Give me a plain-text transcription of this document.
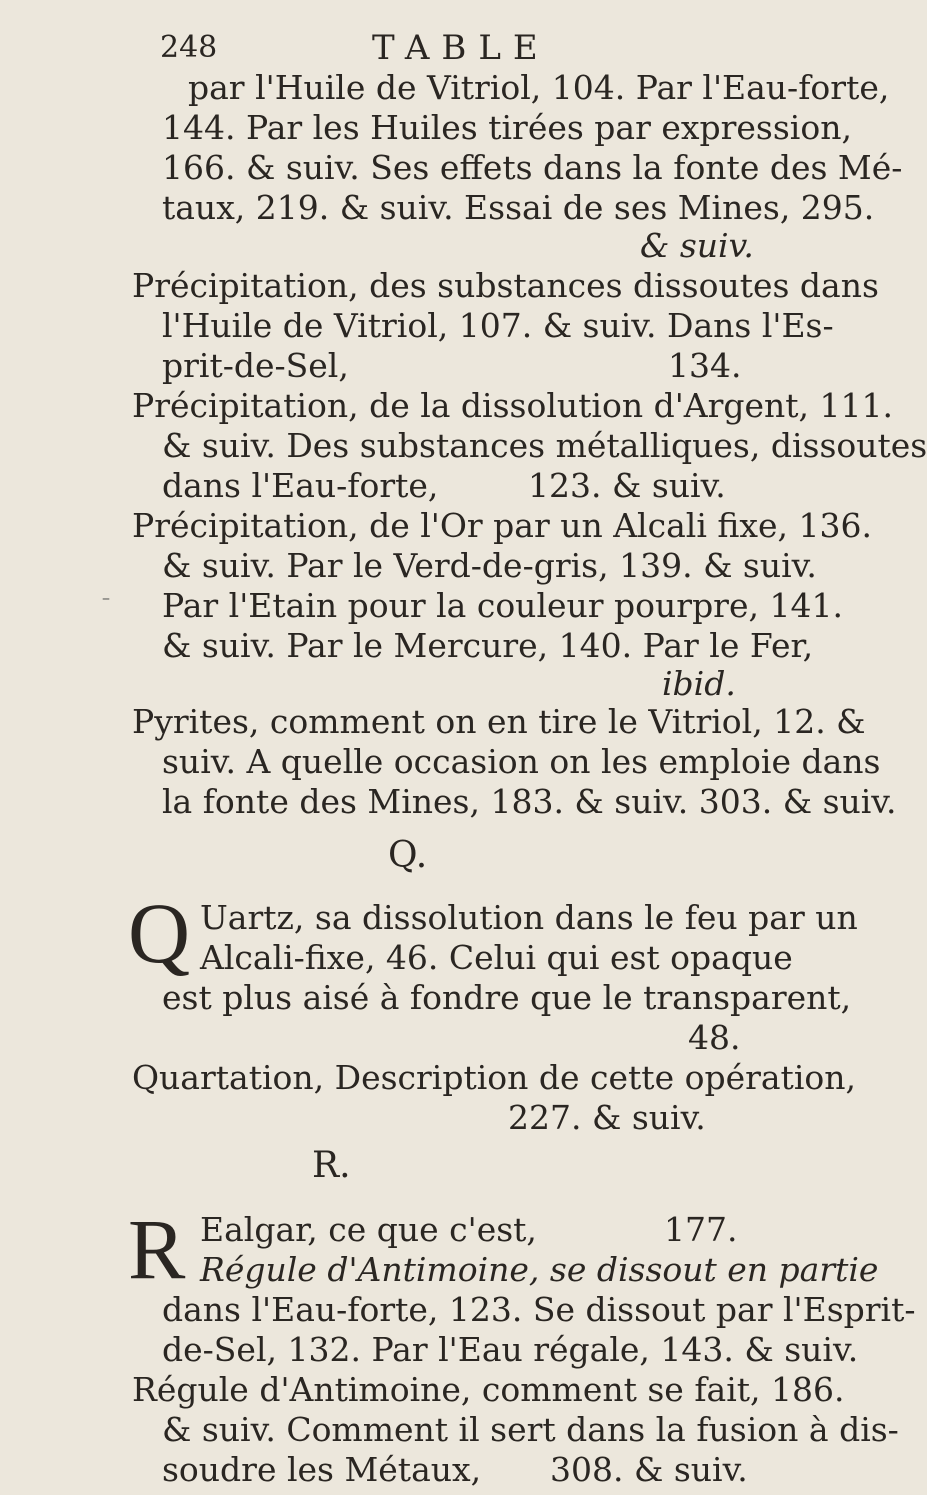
248	TABLE
par l'Huile de Vitriol, 104. Par l'Eau-forte,
144. Par les Huiles tirées par expression,
166. & suiv. Ses effets dans la fonte des Mé-
taux, 219. & suiv. Essai de ses Mines, 295.
& suiv.
Précipitation, des substances dissoutes dans
l'Huile de Vitriol, 107. & suiv. Dans l'Es-
prit-de-Sel,	134.
Précipitation, de la dissolution d'Argent, 111.
& suiv. Des substances métalliques, dissoutes
dans l'Eau-forte,	123. & suiv.
Précipitation, de l'Or par un Alcali fixe, 136.
& suiv. Par le Verd-de-gris, 139. & suiv.
Par l'Etain pour la couleur pourpre, 141.
& suiv. Par le Mercure, 140. Par le Fer,
ibid.
Pyrites, comment on en tire le Vitriol, 12. &
suiv. A quelle occasion on les emploie dans
la fonte des Mines, 183. & suiv. 303. & suiv.
–
Q.
Q Uartz, sa dissolution dans le feu par un
Alcali-fixe, 46. Celui qui est opaque
est plus aisé à fondre que le transparent,
48.
Quartation, Description de cette opération,
227. & suiv.
R.
R Ealgar, ce que c'est,	177.
Régule d'Antimoine, se dissout en partie
dans l'Eau-forte, 123. Se dissout par l'Esprit-
de-Sel, 132. Par l'Eau régale, 143. & suiv.
Régule d'Antimoine, comment se fait, 186.
& suiv. Comment il sert dans la fusion à dis-
soudre les Métaux, 308. & suiv.
